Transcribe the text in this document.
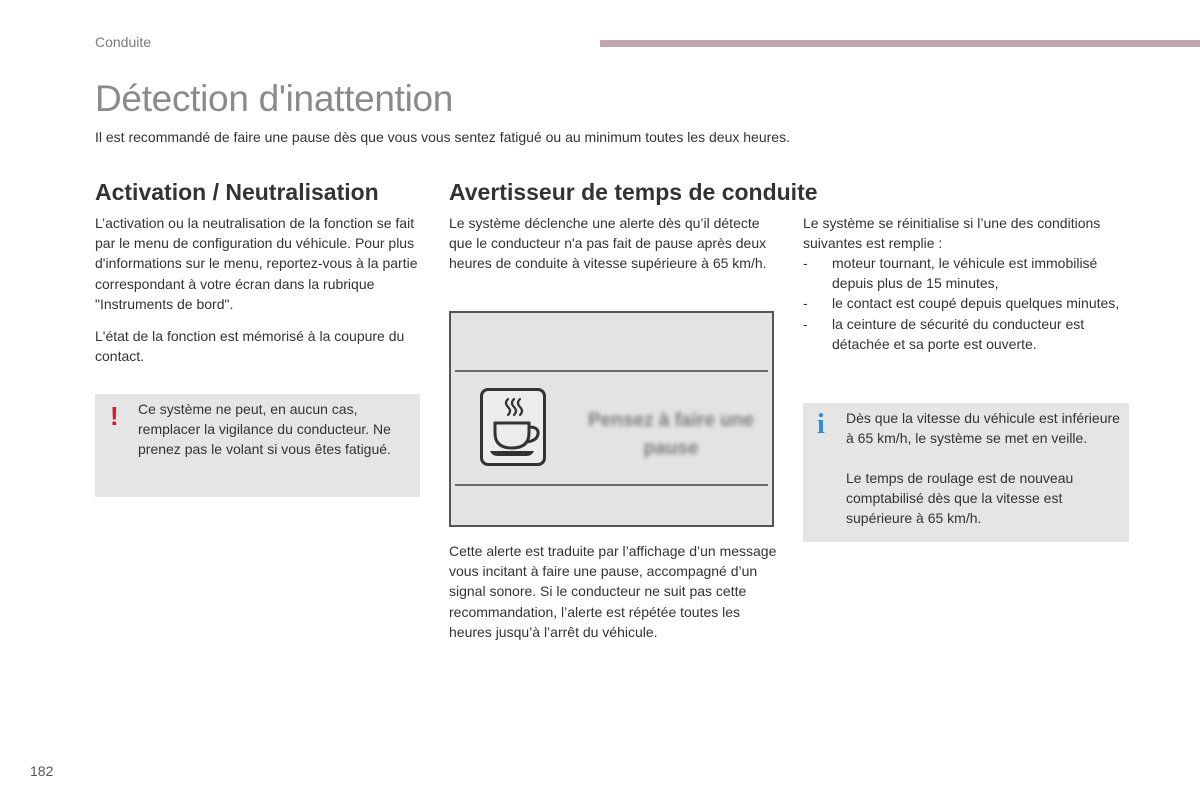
Conduite
Détection d'inattention
Il est recommandé de faire une pause dès que vous vous sentez fatigué ou au minimum toutes les deux heures.
Activation / Neutralisation

L’activation ou la neutralisation de la fonction se fait par le menu de configuration du véhicule. Pour plus d'informations sur le menu, reportez-vous à la partie correspondant à votre écran dans la rubrique "Instruments de bord".

L'état de la fonction est mémorisé à la coupure du contact.

! Ce système ne peut, en aucun cas, remplacer la vigilance du conducteur. Ne prenez pas le volant si vous êtes fatigué.

Avertisseur de temps de conduite

Le système déclenche une alerte dès qu’il détecte que le conducteur n'a pas fait de pause après deux heures de conduite à vitesse supérieure à 65 km/h.

Pensez à faire une pause

Cette alerte est traduite par l’affichage d’un message vous incitant à faire une pause, accompagné d’un signal sonore. Si le conducteur ne suit pas cette recommandation, l’alerte est répétée toutes les heures jusqu’à l’arrêt du véhicule.

Le système se réinitialise si l’une des conditions suivantes est remplie :

- moteur tournant, le véhicule est immobilisé depuis plus de 15 minutes,
- le contact est coupé depuis quelques minutes,
- la ceinture de sécurité du conducteur est détachée et sa porte est ouverte.
i Dès que la vitesse du véhicule est inférieure à 65 km/h, le système se met en veille.

Le temps de roulage est de nouveau comptabilisé dès que la vitesse est supérieure à 65 km/h.

182
